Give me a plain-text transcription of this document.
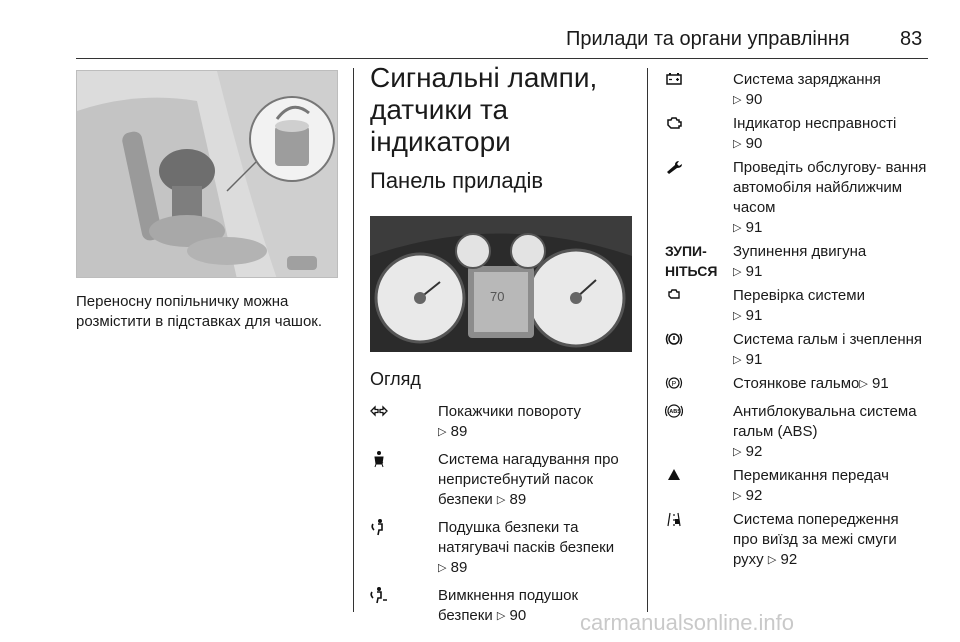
Прилади та органи управління	83
Переносну попільничку можна розмістити в підставках для чашок.
Сигнальні лампи, датчики та індикатори
Панель приладів
70
Огляд
Покажчики повороту
▷ 89
Система нагадування про непристебнутий пасок безпеки ▷ 89
Подушка безпеки та натягувачі пасків безпеки ▷ 89
Вимкнення подушок безпеки ▷ 90
Система заряджання
▷ 90
Індикатор несправності
▷ 90
Проведіть обслугову- вання автомобіля найближчим часом
▷ 91
ЗУПИ- НІТЬСЯ
Зупинення двигуна
▷ 91
Перевірка системи
▷ 91
Система гальм і зчеплення ▷ 91
P	Стоянкове гальмо▷ 91
ABS	Антиблокувальна система гальм (ABS)
▷ 92
Перемикання передач
▷ 92
Система попередження про виїзд за межі смуги руху ▷ 92
carmanualsonline.info
